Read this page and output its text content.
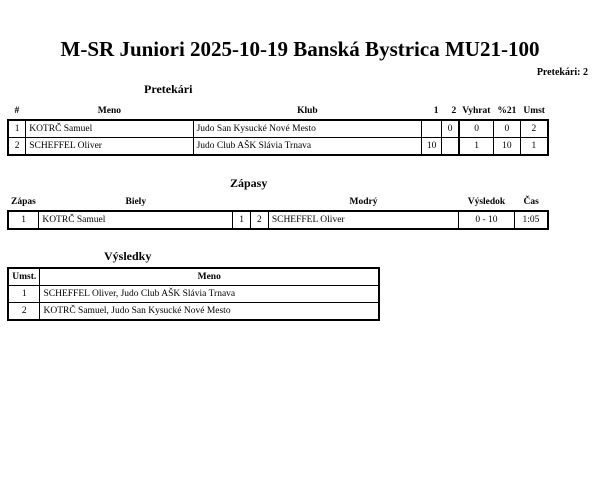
M-SR Juniori 2025-10-19 Banská Bystrica MU21-100
Pretekári: 2
Pretekári
#	Meno	Klub	1	2	Vyhrat	%21	Umst
1	KOTRČ Samuel	Judo San Kysucké Nové Mesto		0	0	0	2
2	SCHEFFEL Oliver	Judo Club AŠK Slávia Trnava	10		1	10	1
Zápasy
Zápas	Biely			Modrý	Výsledok	Čas
1	KOTRČ Samuel	1	2	SCHEFFEL Oliver	0 - 10	1:05
Výsledky
Umst.	Meno
1	SCHEFFEL Oliver, Judo Club AŠK Slávia Trnava
2	KOTRČ Samuel, Judo San Kysucké Nové Mesto
